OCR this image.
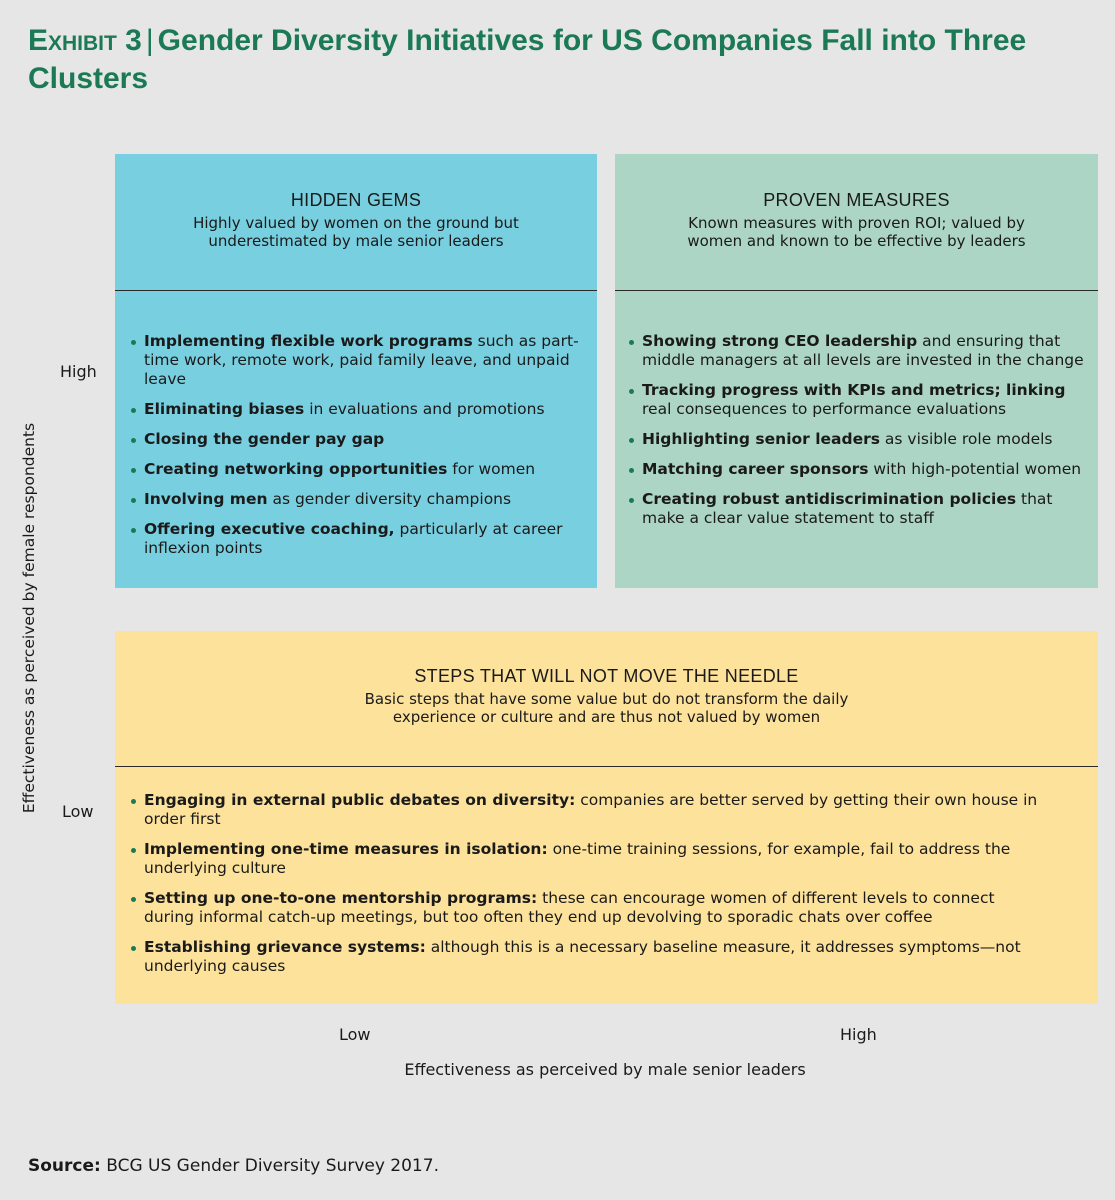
Exhibit 3 | Gender Diversity Initiatives for US Companies Fall into Three Clusters
Effectiveness as perceived by female respondents
High
Low
HIDDEN GEMS
Highly valued by women on the ground but underestimated by male senior leaders
Implementing flexible work programs such as part-time work, remote work, paid family leave, and unpaid leave
Eliminating biases in evaluations and promotions
Closing the gender pay gap
Creating networking opportunities for women
Involving men as gender diversity champions
Offering executive coaching, particularly at career inflexion points
PROVEN MEASURES
Known measures with proven ROI; valued by women and known to be effective by leaders
Showing strong CEO leadership and ensuring that middle managers at all levels are invested in the change
Tracking progress with KPIs and metrics; linking real consequences to performance evaluations
Highlighting senior leaders as visible role models
Matching career sponsors with high-potential women
Creating robust antidiscrimination policies that make a clear value statement to staff
STEPS THAT WILL NOT MOVE THE NEEDLE
Basic steps that have some value but do not transform the daily experience or culture and are thus not valued by women
Engaging in external public debates on diversity: companies are better served by getting their own house in order first
Implementing one-time measures in isolation: one-time training sessions, for example, fail to address the underlying culture
Setting up one-to-one mentorship programs: these can encourage women of different levels to connect during informal catch-up meetings, but too often they end up devolving to sporadic chats over coffee
Establishing grievance systems: although this is a necessary baseline measure, it addresses symptoms—not underlying causes
Low	High
Effectiveness as perceived by male senior leaders
Source: BCG US Gender Diversity Survey 2017.
